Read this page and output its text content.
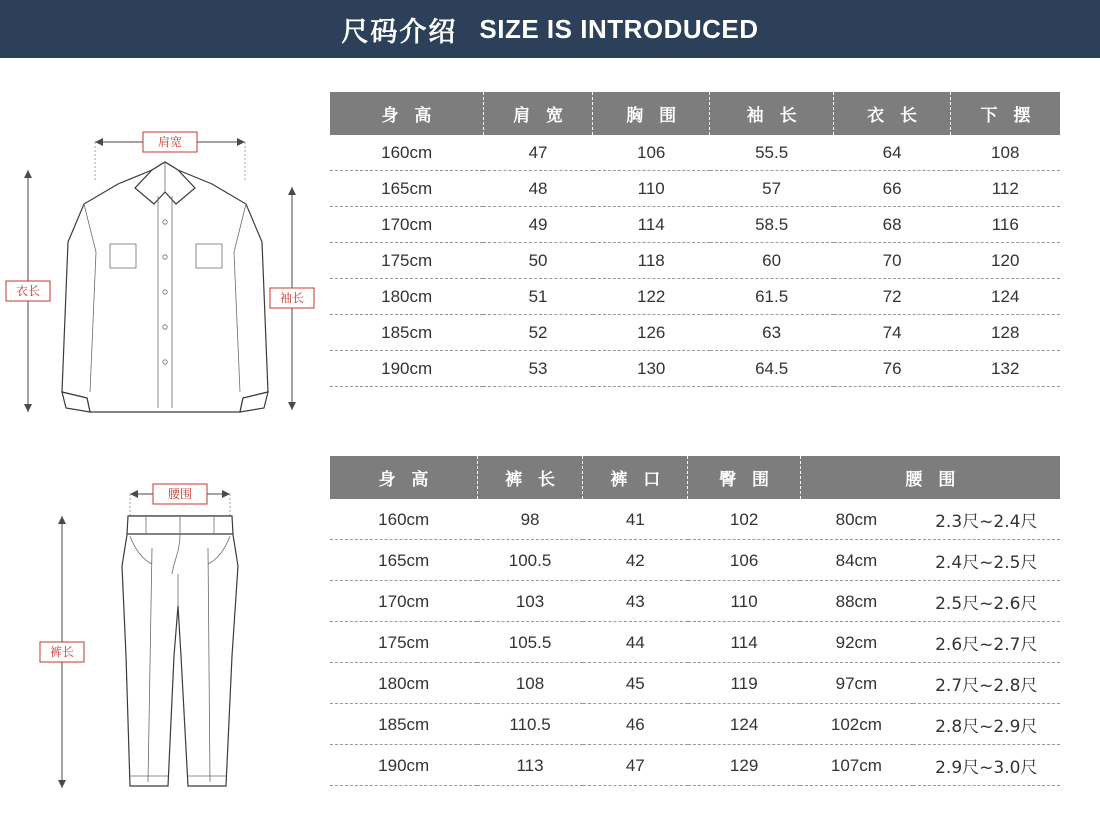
尺码介绍 SIZE IS INTRODUCED
肩宽
衣长	袖长
身 高	肩 宽	胸 围	袖 长	衣 长	下 摆
160cm	47	106	55.5	64	108
165cm	48	110	57	66	112
170cm	49	114	58.5	68	116
175cm	50	118	60	70	120
180cm	51	122	61.5	72	124
185cm	52	126	63	74	128
190cm	53	130	64.5	76	132
腰围
裤长
身 高	裤 长	裤 口	臀 围	腰 围	
160cm	98	41	102	80cm	2.3尺~2.4尺
165cm	100.5	42	106	84cm	2.4尺~2.5尺
170cm	103	43	110	88cm	2.5尺~2.6尺
175cm	105.5	44	114	92cm	2.6尺~2.7尺
180cm	108	45	119	97cm	2.7尺~2.8尺
185cm	110.5	46	124	102cm	2.8尺~2.9尺
190cm	113	47	129	107cm	2.9尺~3.0尺
